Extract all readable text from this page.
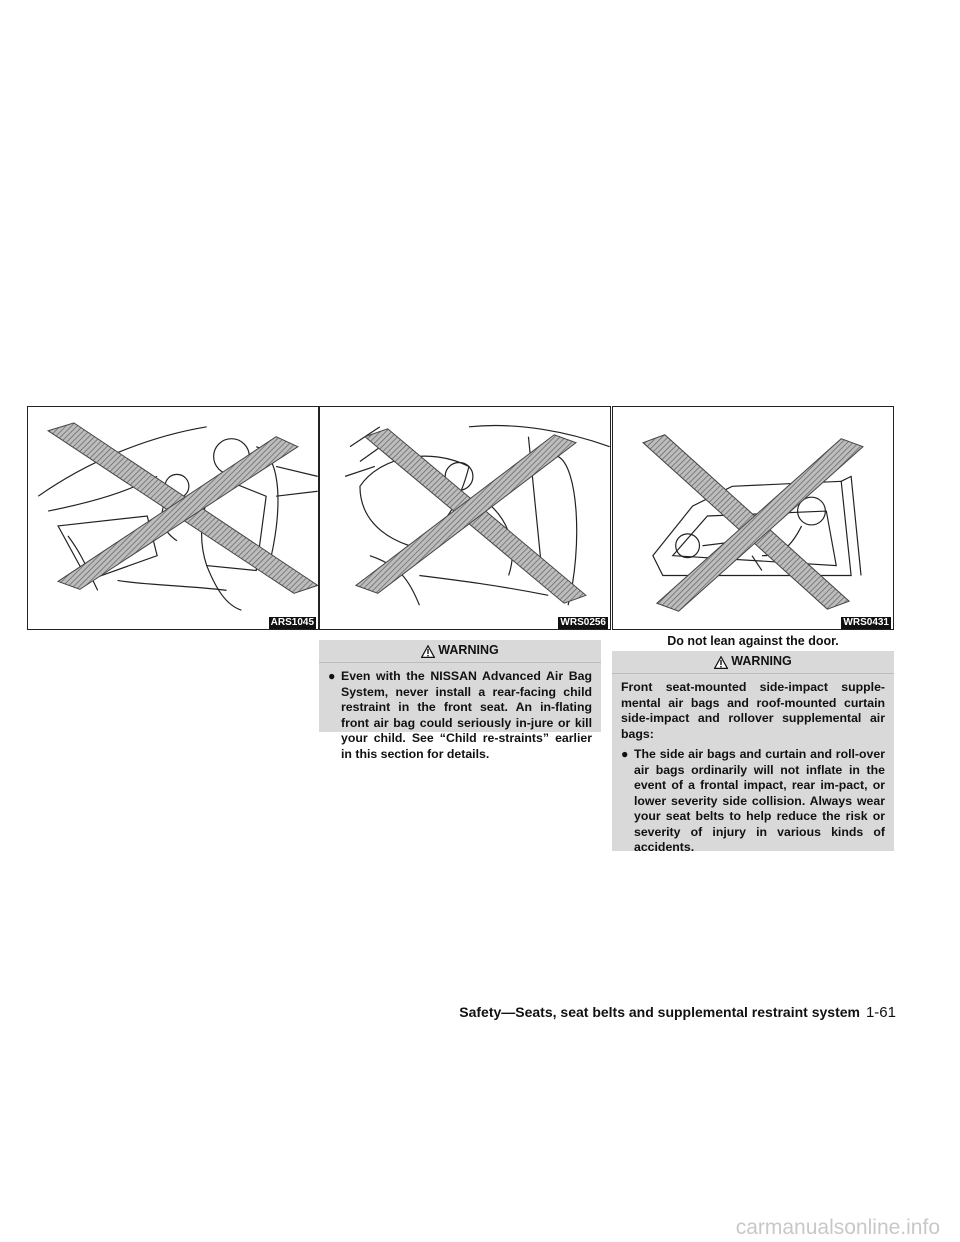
ARS1045	WRS0256	WRS0431
Do not lean against the door.
WARNING
● Even with the NISSAN Advanced Air Bag System, never install a rear-facing child restraint in the front seat. An in-flating front air bag could seriously in-jure or kill your child. See “Child re-straints” earlier in this section for details.
WARNING
Front seat-mounted side-impact supple-mental air bags and roof-mounted curtain side-impact and rollover supplemental air bags:
● The side air bags and curtain and roll-over air bags ordinarily will not inflate in the event of a frontal impact, rear im-pact, or lower severity side collision. Always wear your seat belts to help reduce the risk or severity of injury in various kinds of accidents.
Safety—Seats, seat belts and supplemental restraint system 1-61
carmanualsonline.info
